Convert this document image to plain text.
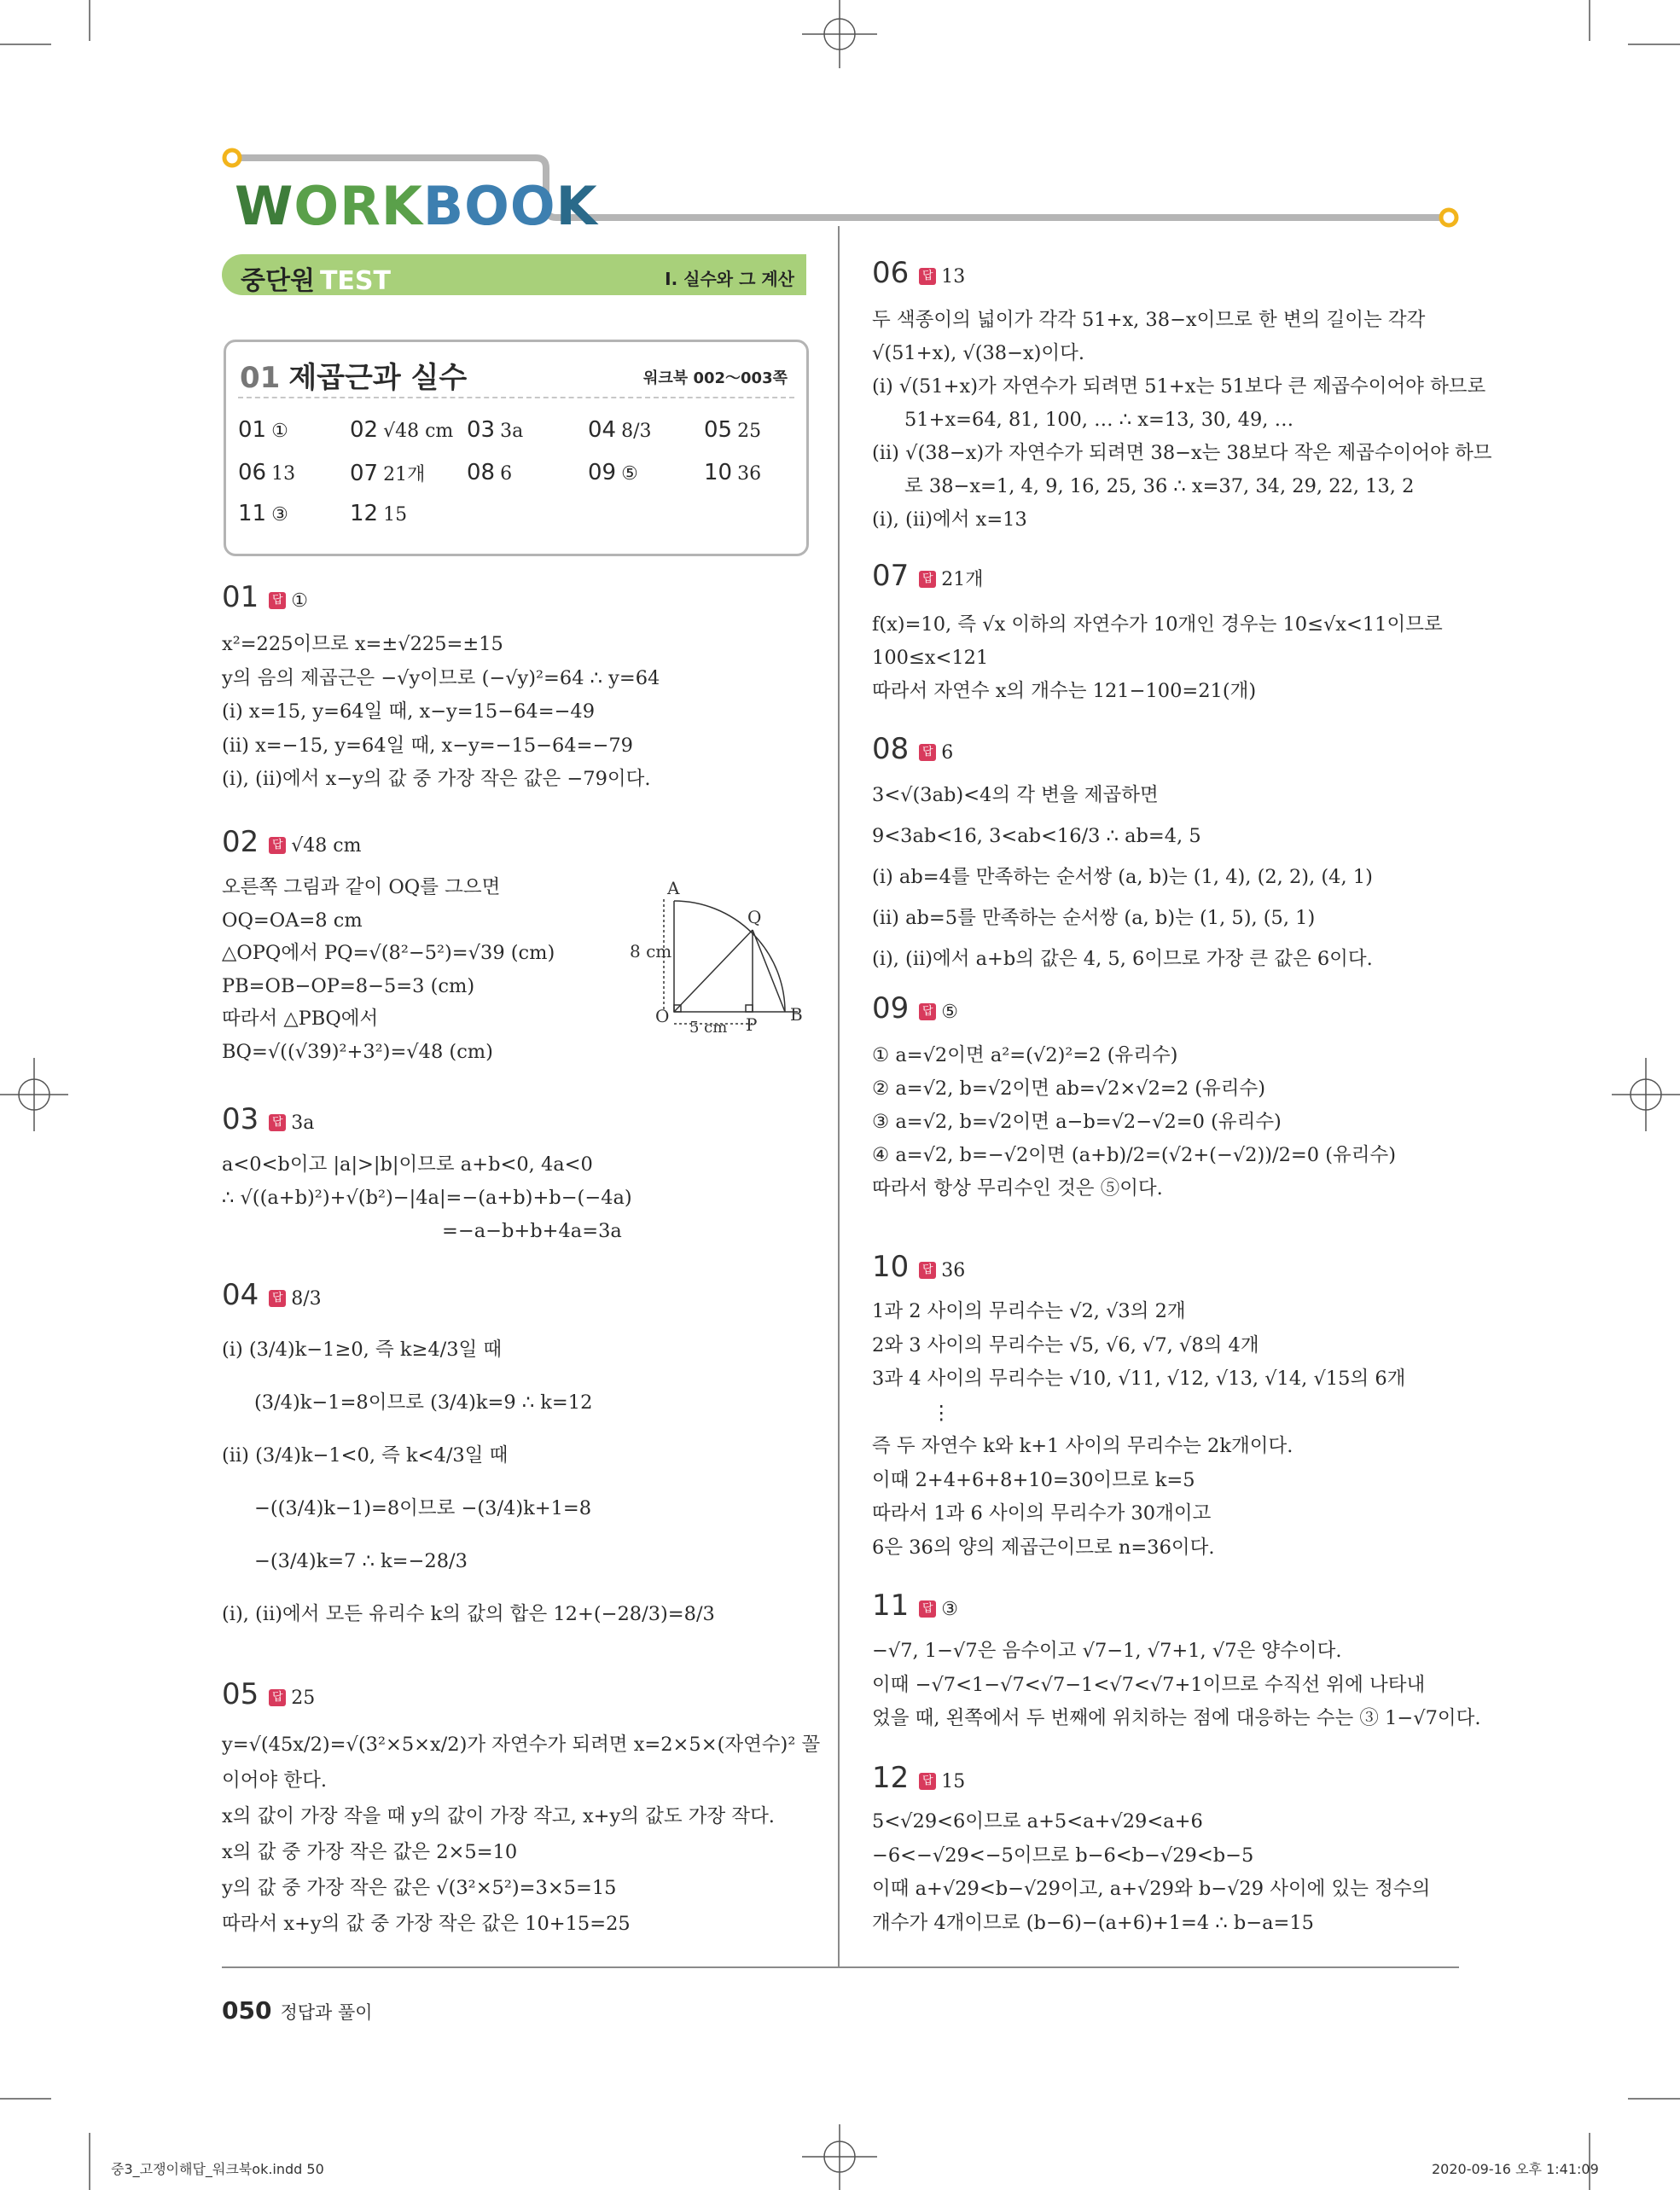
WORKBOOK
중단원 TEST	I. 실수와 그 계산
01 제곱근과 실수	워크북 002～003쪽
01 ①	02 √48 cm 03 3a	04 8/3 05 25
06 13 07 21개 08 6	09 ⑤	10 36
11 ③	12 15
01 답 ①
x²=225이므로 x=±√225=±15
y의 음의 제곱근은 −√y이므로 (−√y)²=64 ∴ y=64
(ⅰ) x=15, y=64일 때, x−y=15−64=−49
(ⅱ) x=−15, y=64일 때, x−y=−15−64=−79
(ⅰ), (ⅱ)에서 x−y의 값 중 가장 작은 값은 −79이다.
02 답 √48 cm
오른쪽 그림과 같이 OQ를 그으면
OQ=OA=8 cm
△OPQ에서 PQ=√(8²−5²)=√39 (cm)
PB=OB−OP=8−5=3 (cm)
따라서 △PBQ에서
BQ=√((√39)²+3²)=√48 (cm)
A
Q
O	P B
8 cm
5 cm
03 답 3a
a<0<b이고 |a|>|b|이므로 a+b<0, 4a<0
∴ √((a+b)²)+√(b²)−|4a|=−(a+b)+b−(−4a)
=−a−b+b+4a=3a
04 답 8/3
(ⅰ) (3/4)k−1≥0, 즉 k≥4/3일 때
(3/4)k−1=8이므로 (3/4)k=9 ∴ k=12
(ⅱ) (3/4)k−1<0, 즉 k<4/3일 때
−((3/4)k−1)=8이므로 −(3/4)k+1=8
−(3/4)k=7 ∴ k=−28/3
(ⅰ), (ⅱ)에서 모든 유리수 k의 값의 합은 12+(−28/3)=8/3
05 답 25
y=√(45x/2)=√(3²×5×x/2)가 자연수가 되려면 x=2×5×(자연수)² 꼴
이어야 한다.
x의 값이 가장 작을 때 y의 값이 가장 작고, x+y의 값도 가장 작다.
x의 값 중 가장 작은 값은 2×5=10
y의 값 중 가장 작은 값은 √(3²×5²)=3×5=15
따라서 x+y의 값 중 가장 작은 값은 10+15=25
06 답 13
두 색종이의 넓이가 각각 51+x, 38−x이므로 한 변의 길이는 각각
√(51+x), √(38−x)이다.
(ⅰ) √(51+x)가 자연수가 되려면 51+x는 51보다 큰 제곱수이어야 하므로
51+x=64, 81, 100, … ∴ x=13, 30, 49, …
(ⅱ) √(38−x)가 자연수가 되려면 38−x는 38보다 작은 제곱수이어야 하므
로 38−x=1, 4, 9, 16, 25, 36 ∴ x=37, 34, 29, 22, 13, 2
(ⅰ), (ⅱ)에서 x=13
07 답 21개
f(x)=10, 즉 √x 이하의 자연수가 10개인 경우는 10≤√x<11이므로
100≤x<121
따라서 자연수 x의 개수는 121−100=21(개)
08 답 6
3<√(3ab)<4의 각 변을 제곱하면
9<3ab<16, 3<ab<16/3 ∴ ab=4, 5
(ⅰ) ab=4를 만족하는 순서쌍 (a, b)는 (1, 4), (2, 2), (4, 1)
(ⅱ) ab=5를 만족하는 순서쌍 (a, b)는 (1, 5), (5, 1)
(ⅰ), (ⅱ)에서 a+b의 값은 4, 5, 6이므로 가장 큰 값은 6이다.
09 답 ⑤
① a=√2이면 a²=(√2)²=2 (유리수)
② a=√2, b=√2이면 ab=√2×√2=2 (유리수)
③ a=√2, b=√2이면 a−b=√2−√2=0 (유리수)
④ a=√2, b=−√2이면 (a+b)/2=(√2+(−√2))/2=0 (유리수)
따라서 항상 무리수인 것은 ⑤이다.
10 답 36
1과 2 사이의 무리수는 √2, √3의 2개
2와 3 사이의 무리수는 √5, √6, √7, √8의 4개
3과 4 사이의 무리수는 √10, √11, √12, √13, √14, √15의 6개
⋮
즉 두 자연수 k와 k+1 사이의 무리수는 2k개이다.
이때 2+4+6+8+10=30이므로 k=5
따라서 1과 6 사이의 무리수가 30개이고
6은 36의 양의 제곱근이므로 n=36이다.
11 답 ③
−√7, 1−√7은 음수이고 √7−1, √7+1, √7은 양수이다.
이때 −√7<1−√7<√7−1<√7<√7+1이므로 수직선 위에 나타내
었을 때, 왼쪽에서 두 번째에 위치하는 점에 대응하는 수는 ③ 1−√7이다.
12 답 15
5<√29<6이므로 a+5<a+√29<a+6
−6<−√29<−5이므로 b−6<b−√29<b−5
이때 a+√29<b−√29이고, a+√29와 b−√29 사이에 있는 정수의
개수가 4개이므로 (b−6)−(a+6)+1=4 ∴ b−a=15
050 정답과 풀이
중3_고쟁이해답_워크북ok.indd 50	2020-09-16 오후 1:41:09
